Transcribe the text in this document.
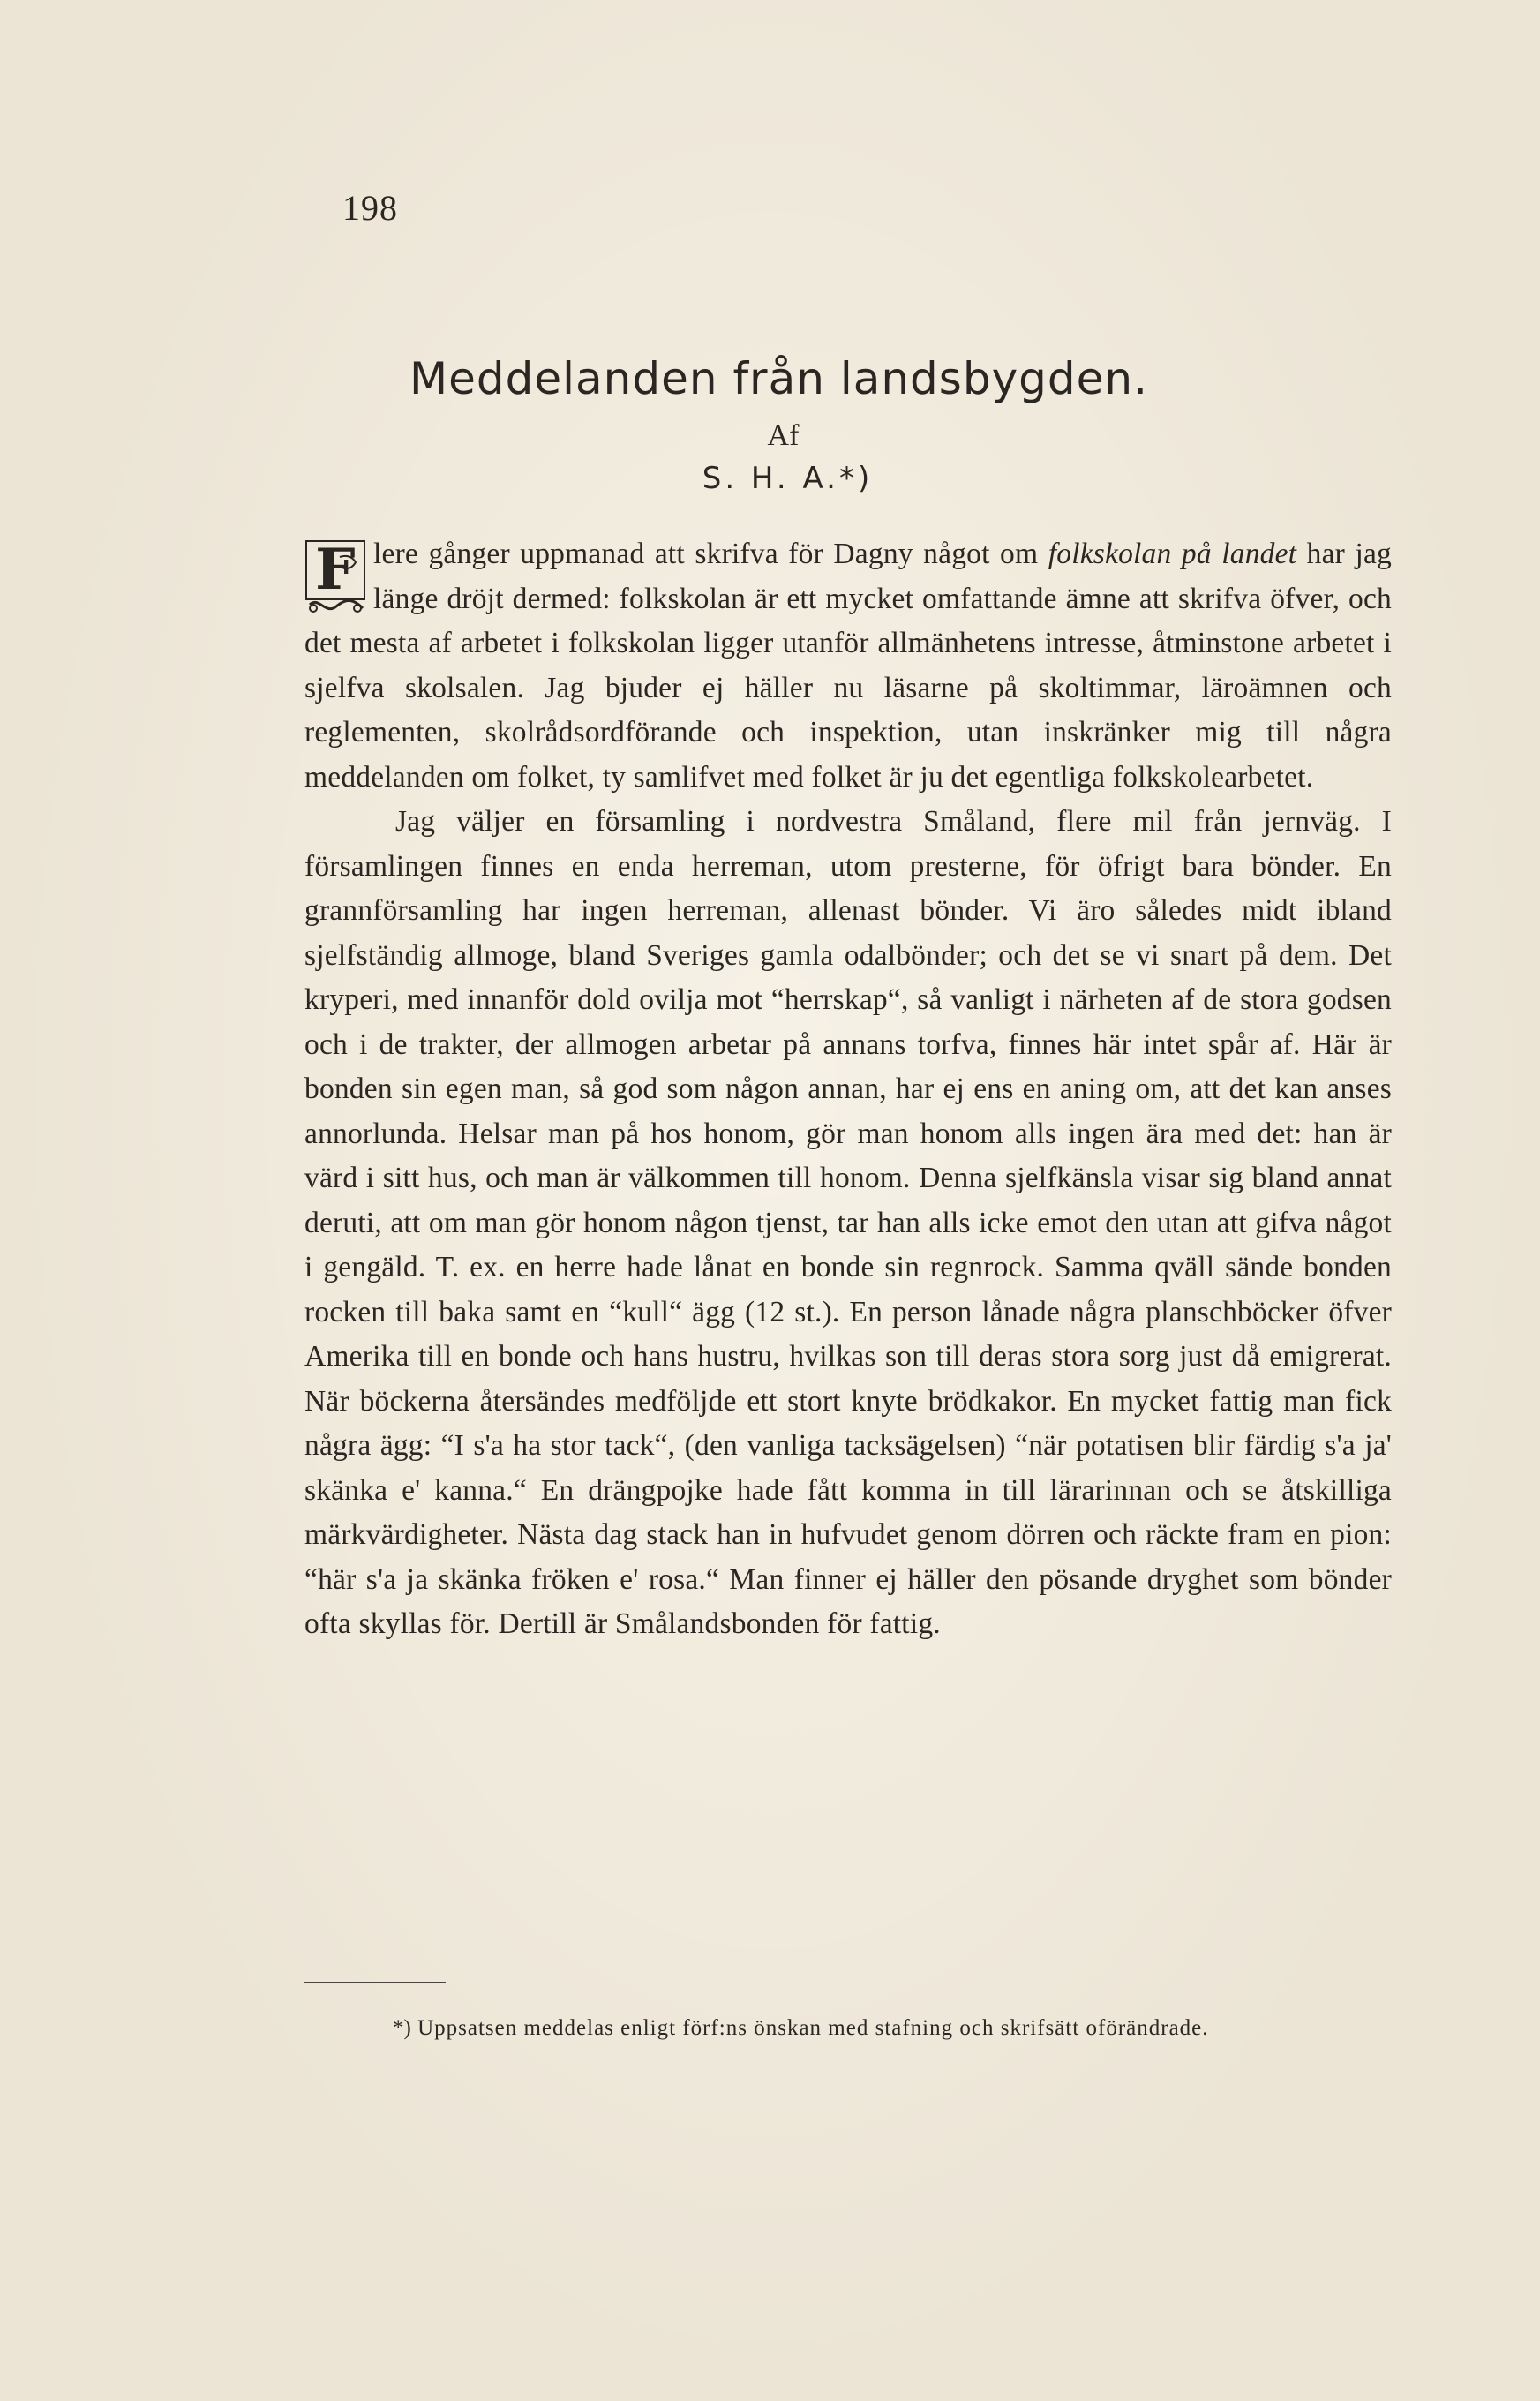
198
Meddelanden från landsbygden.
Af
S. H. A.*)

F lere gånger uppmanad att skrifva för Dagny något om folkskolan på landet har jag länge dröjt dermed: folkskolan är ett mycket omfattande ämne att skrifva öfver, och det mesta af arbetet i folkskolan ligger utanför allmänhetens intresse, åtminstone arbetet i sjelfva skolsalen. Jag bjuder ej häller nu läsarne på skoltimmar, läroämnen och reglementen, skolrådsordförande och inspektion, utan inskränker mig till några meddelanden om folket, ty samlifvet med folket är ju det egentliga folkskolearbetet.

Jag väljer en församling i nordvestra Småland, flere mil från jernväg. I församlingen finnes en enda herreman, utom presterne, för öfrigt bara bönder. En grannförsamling har ingen herreman, allenast bönder. Vi äro således midt ibland sjelfständig allmoge, bland Sveriges gamla odalbönder; och det se vi snart på dem. Det kryperi, med innanför dold ovilja mot “herrskap“, så vanligt i närheten af de stora godsen och i de trakter, der allmogen arbetar på annans torfva, finnes här intet spår af. Här är bonden sin egen man, så god som någon annan, har ej ens en aning om, att det kan anses annorlunda. Helsar man på hos honom, gör man honom alls ingen ära med det: han är värd i sitt hus, och man är välkommen till honom. Denna sjelfkänsla visar sig bland annat deruti, att om man gör honom någon tjenst, tar han alls icke emot den utan att gifva något i gengäld. T. ex. en herre hade lånat en bonde sin regnrock. Samma qväll sände bonden rocken till baka samt en “kull“ ägg (12 st.). En person lånade några planschböcker öfver Amerika till en bonde och hans hustru, hvilkas son till deras stora sorg just då emigrerat. När böckerna återsändes medföljde ett stort knyte brödkakor. En mycket fattig man fick några ägg: “I s'a ha stor tack“, (den vanliga tacksägelsen) “när potatisen blir färdig s'a ja' skänka e' kanna.“ En drängpojke hade fått komma in till lärarinnan och se åtskilliga märkvärdigheter. Nästa dag stack han in hufvudet genom dörren och räckte fram en pion: “här s'a ja skänka fröken e' rosa.“ Man finner ej häller den pösande dryghet som bönder ofta skyllas för. Dertill är Smålandsbonden för fattig.

*) Uppsatsen meddelas enligt förf:ns önskan med stafning och skrifsätt oförändrade.
